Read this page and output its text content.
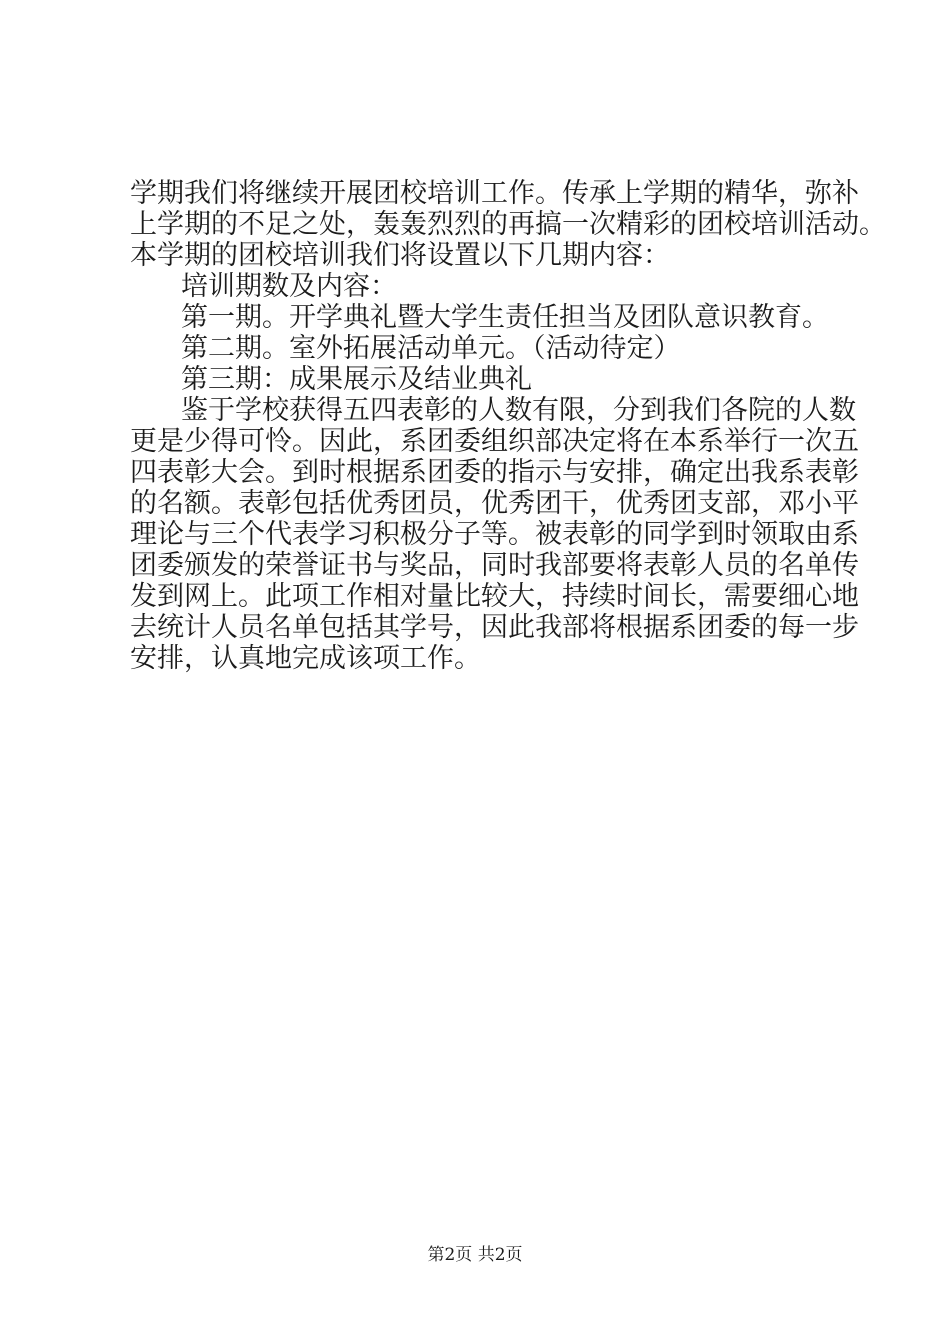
学期我们将继续开展团校培训工作。传承上学期的精华，弥补
上学期的不足之处，轰轰烈烈的再搞一次精彩的团校培训活动。
本学期的团校培训我们将设置以下几期内容：
培训期数及内容：
第一期。开学典礼暨大学生责任担当及团队意识教育。
第二期。室外拓展活动单元。（活动待定）
第三期：成果展示及结业典礼
鉴于学校获得五四表彰的人数有限，分到我们各院的人数
更是少得可怜。因此，系团委组织部决定将在本系举行一次五
四表彰大会。到时根据系团委的指示与安排，确定出我系表彰
的名额。表彰包括优秀团员，优秀团干，优秀团支部，邓小平
理论与三个代表学习积极分子等。被表彰的同学到时领取由系
团委颁发的荣誉证书与奖品，同时我部要将表彰人员的名单传
发到网上。此项工作相对量比较大，持续时间长，需要细心地
去统计人员名单包括其学号，因此我部将根据系团委的每一步
安排，认真地完成该项工作。
第2页 共2页
